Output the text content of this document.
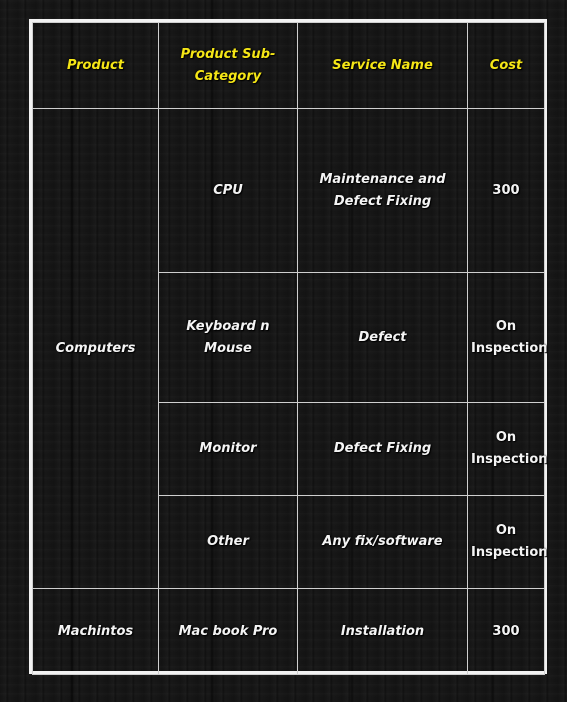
Product	Product Sub-Category	Service Name	Cost
Computers	CPU	Maintenance and Defect Fixing	300
	Keyboard n Mouse	Defect	On Inspection
	Monitor	Defect Fixing	On Inspection
	Other	Any fix/software	On Inspection
Machintos	Mac book Pro	Installation	300
